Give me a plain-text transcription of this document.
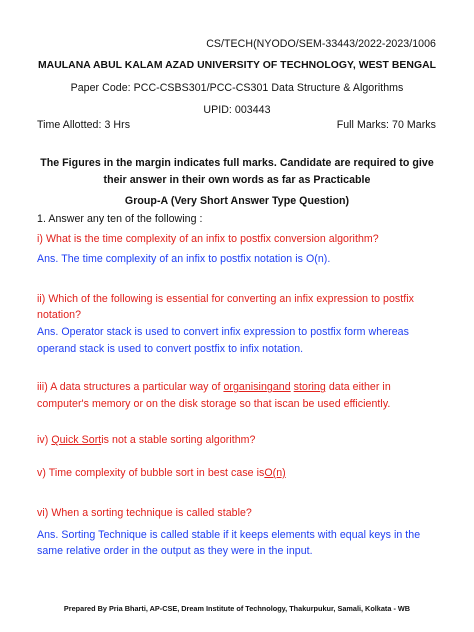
CS/TECH(NYODO/SEM-33443/2022-2023/1006
MAULANA ABUL KALAM AZAD UNIVERSITY OF TECHNOLOGY, WEST BENGAL
Paper Code: PCC-CSBS301/PCC-CS301 Data Structure & Algorithms
UPID: 003443
Time Allotted: 3 Hrs	Full Marks: 70 Marks
The Figures in the margin indicates full marks. Candidate are required to give
their answer in their own words as far as Practicable
Group-A (Very Short Answer Type Question)
1. Answer any ten of the following :
i) What is the time complexity of an infix to postfix conversion algorithm?
Ans. The time complexity of an infix to postfix notation is O(n).
ii) Which of the following is essential for converting an infix expression to postfix
notation?
Ans. Operator stack is used to convert infix expression to postfix form whereas
operand stack is used to convert postfix to infix notation.
iii) A data structures a particular way of organisingand storing data either in
computer's memory or on the disk storage so that iscan be used efficiently.
iv) Quick Sortis not a stable sorting algorithm?
v) Time complexity of bubble sort in best case isO(n)
vi) When a sorting technique is called stable?
Ans. Sorting Technique is called stable if it keeps elements with equal keys in the
same relative order in the output as they were in the input.
Prepared By Pria Bharti, AP-CSE, Dream Institute of Technology, Thakurpukur, Samali, Kolkata - WB
